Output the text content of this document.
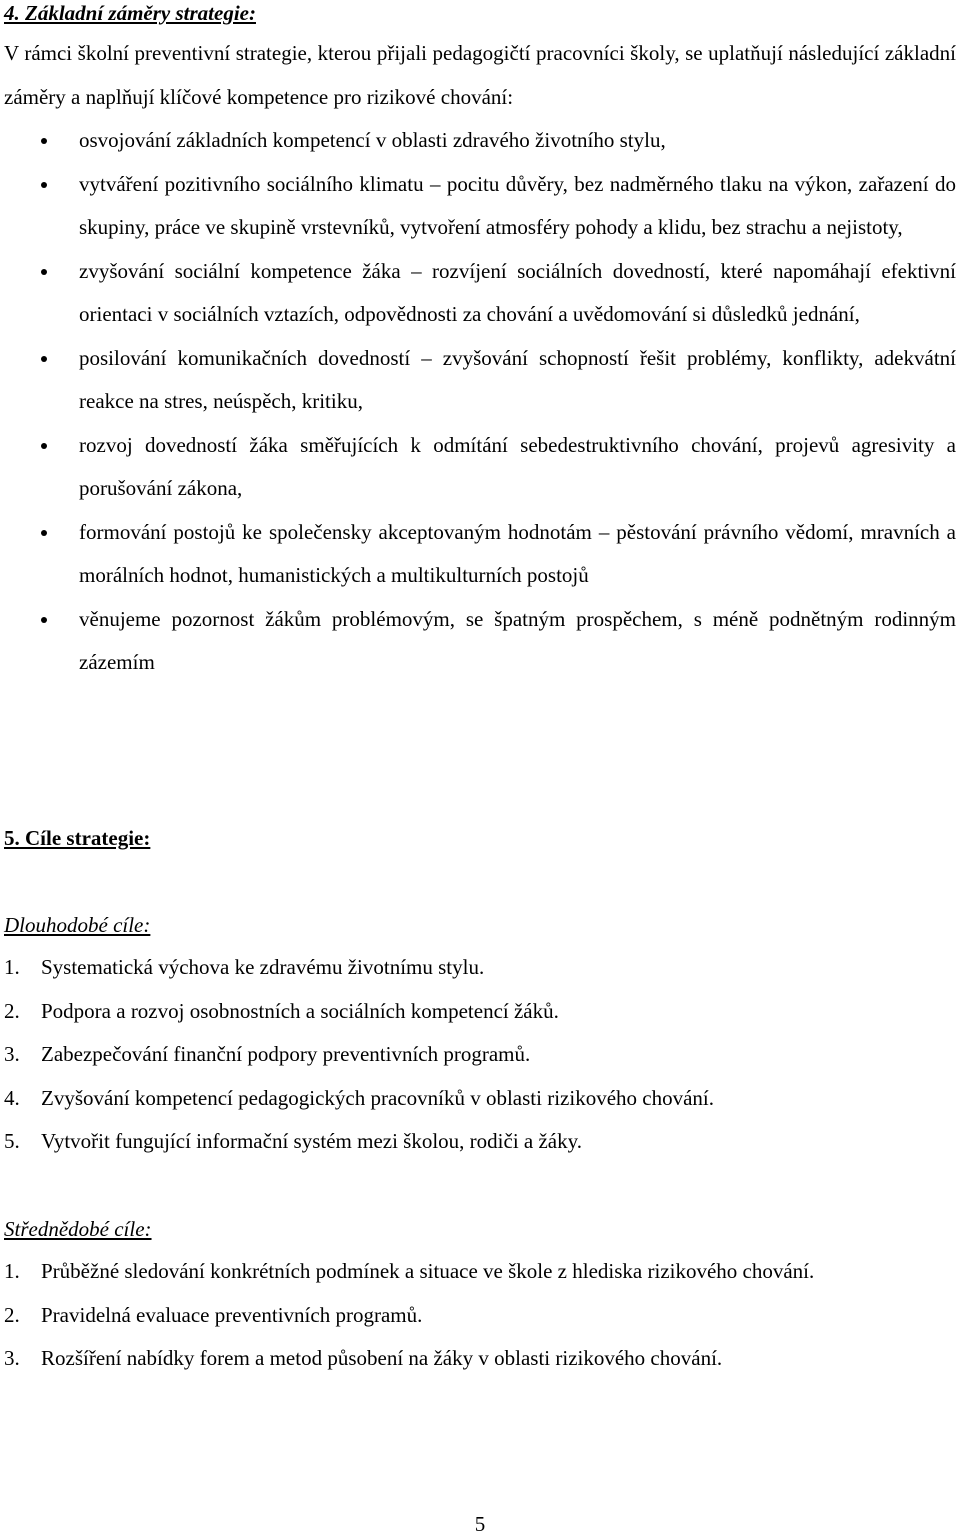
4. Základní záměry strategie:
V rámci školní preventivní strategie, kterou přijali pedagogičtí pracovníci školy, se uplatňují následující základní záměry a naplňují klíčové kompetence pro rizikové chování:
osvojování základních kompetencí v oblasti zdravého životního stylu,
vytváření pozitivního sociálního klimatu – pocitu důvěry, bez nadměrného tlaku na výkon, zařazení do skupiny, práce ve skupině vrstevníků, vytvoření atmosféry pohody a klidu, bez strachu a nejistoty,
zvyšování sociální kompetence žáka – rozvíjení sociálních dovedností, které napomáhají efektivní orientaci v sociálních vztazích, odpovědnosti za chování a uvědomování si důsledků jednání,
posilování komunikačních dovedností – zvyšování schopností řešit problémy, konflikty, adekvátní reakce na stres, neúspěch, kritiku,
rozvoj dovedností žáka směřujících k odmítání sebedestruktivního chování, projevů agresivity a porušování zákona,
formování postojů ke společensky akceptovaným hodnotám – pěstování právního vědomí, mravních a morálních hodnot, humanistických a multikulturních postojů
věnujeme pozornost žákům problémovým, se špatným prospěchem, s méně podnětným rodinným zázemím
5. Cíle strategie:
Dlouhodobé cíle:
1. Systematická výchova ke zdravému životnímu stylu.
2. Podpora a rozvoj osobnostních a sociálních kompetencí žáků.
3. Zabezpečování finanční podpory preventivních programů.
4. Zvyšování kompetencí pedagogických pracovníků v oblasti rizikového chování.
5. Vytvořit fungující informační systém mezi školou, rodiči a žáky.
Střednědobé cíle:
1. Průběžné sledování konkrétních podmínek a situace ve škole z hlediska rizikového chování.
2. Pravidelná evaluace preventivních programů.
3. Rozšíření nabídky forem a metod působení na žáky v oblasti rizikového chování.
5
